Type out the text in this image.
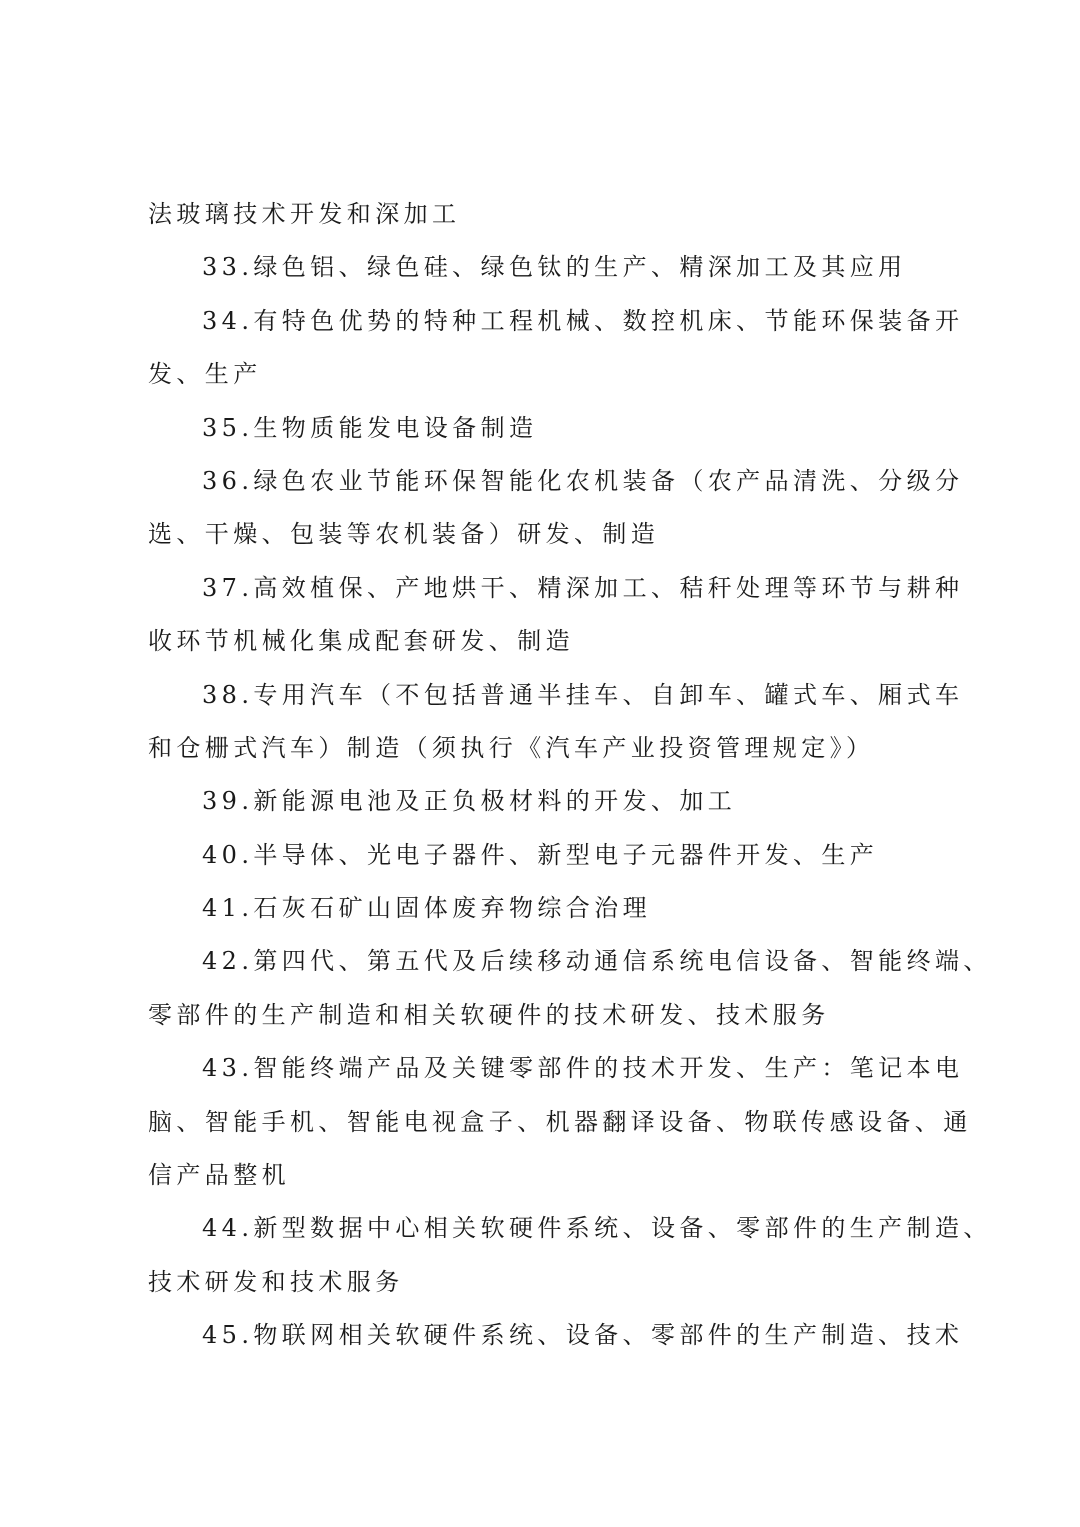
法玻璃技术开发和深加工
33.绿色铝、绿色硅、绿色钛的生产、精深加工及其应用
34.有特色优势的特种工程机械、数控机床、节能环保装备开
发、生产
35.生物质能发电设备制造
36.绿色农业节能环保智能化农机装备（农产品清洗、分级分
选、干燥、包装等农机装备）研发、制造
37.高效植保、产地烘干、精深加工、秸秆处理等环节与耕种
收环节机械化集成配套研发、制造
38.专用汽车（不包括普通半挂车、自卸车、罐式车、厢式车
和仓栅式汽车）制造（须执行《汽车产业投资管理规定》）
39.新能源电池及正负极材料的开发、加工
40.半导体、光电子器件、新型电子元器件开发、生产
41.石灰石矿山固体废弃物综合治理
42.第四代、第五代及后续移动通信系统电信设备、智能终端、
零部件的生产制造和相关软硬件的技术研发、技术服务
43.智能终端产品及关键零部件的技术开发、生产：笔记本电
脑、智能手机、智能电视盒子、机器翻译设备、物联传感设备、通
信产品整机
44.新型数据中心相关软硬件系统、设备、零部件的生产制造、
技术研发和技术服务
45.物联网相关软硬件系统、设备、零部件的生产制造、技术
